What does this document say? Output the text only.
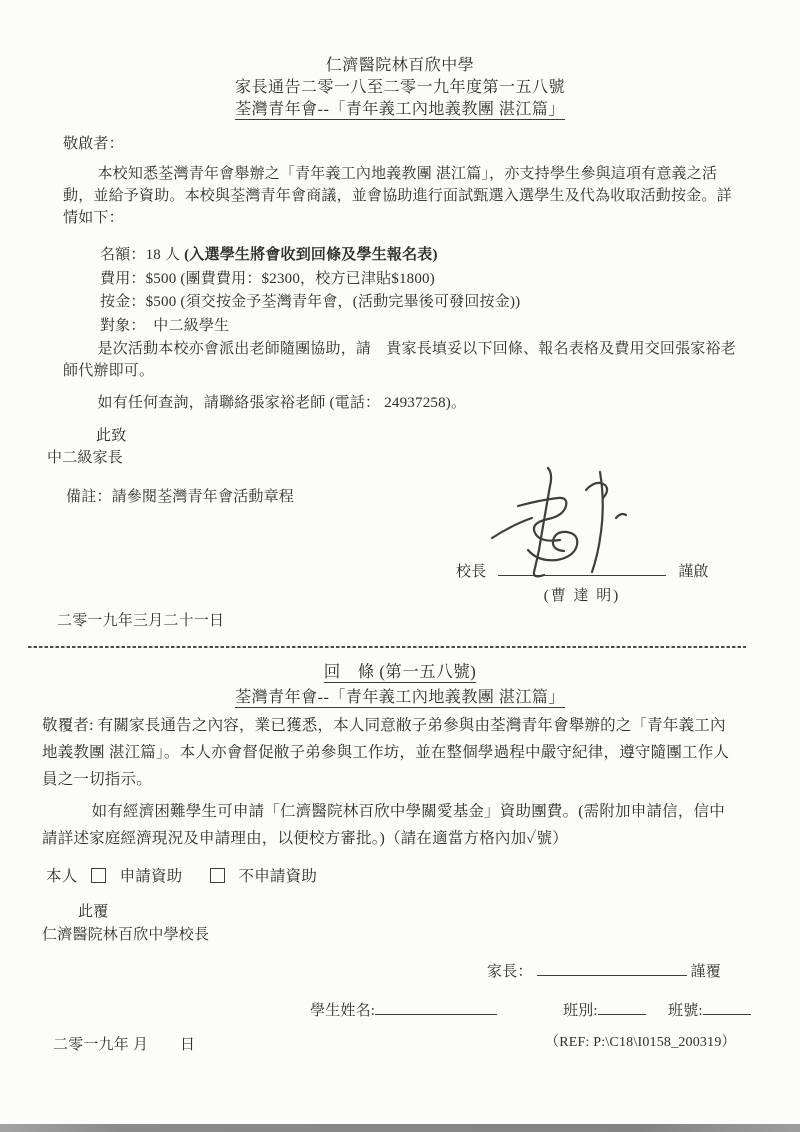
仁濟醫院林百欣中學
家長通告二零一八至二零一九年度第一五八號
荃灣青年會--「青年義工內地義教團 湛江篇」
敬啟者：
本校知悉荃灣青年會舉辦之「青年義工內地義教團 湛江篇」，亦支持學生參與這項有意義之活
動，並給予資助。本校與荃灣青年會商議，並會協助進行面試甄選入選學生及代為收取活動按金。詳
情如下：
名額：18 人 (入選學生將會收到回條及學生報名表)
費用：$500 (團費費用：$2300，校方已津貼$1800)
按金：$500 (須交按金予荃灣青年會，(活動完畢後可發回按金))
對象：　中二級學生
是次活動本校亦會派出老師隨團協助，請　貴家長填妥以下回條、報名表格及費用交回張家裕老
師代辦即可。
如有任何查詢，請聯絡張家裕老師 (電話： 24937258)。
此致
中二級家長
備註：請參閱荃灣青年會活動章程
校長	謹啟
(曹 達 明)
二零一九年三月二十一日
回　條 (第一五八號)
荃灣青年會--「青年義工內地義教團 湛江篇」
敬覆者: 有關家長通告之內容，業已獲悉，本人同意敝子弟參與由荃灣青年會舉辦的之「青年義工內
地義教團 湛江篇」。本人亦會督促敝子弟參與工作坊，並在整個學過程中嚴守紀律，遵守隨團工作人
員之一切指示。
如有經濟困難學生可申請「仁濟醫院林百欣中學關愛基金」資助團費。(需附加申請信，信中
請詳述家庭經濟現況及申請理由，以便校方審批。)（請在適當方格內加✓號）
本人	申請資助	不申請資助
此覆
仁濟醫院林百欣中學校長
家長：	謹覆
學生姓名:	班別:	班號:
二零一九年 月 日	（REF: P:\C18\I0158_200319）
